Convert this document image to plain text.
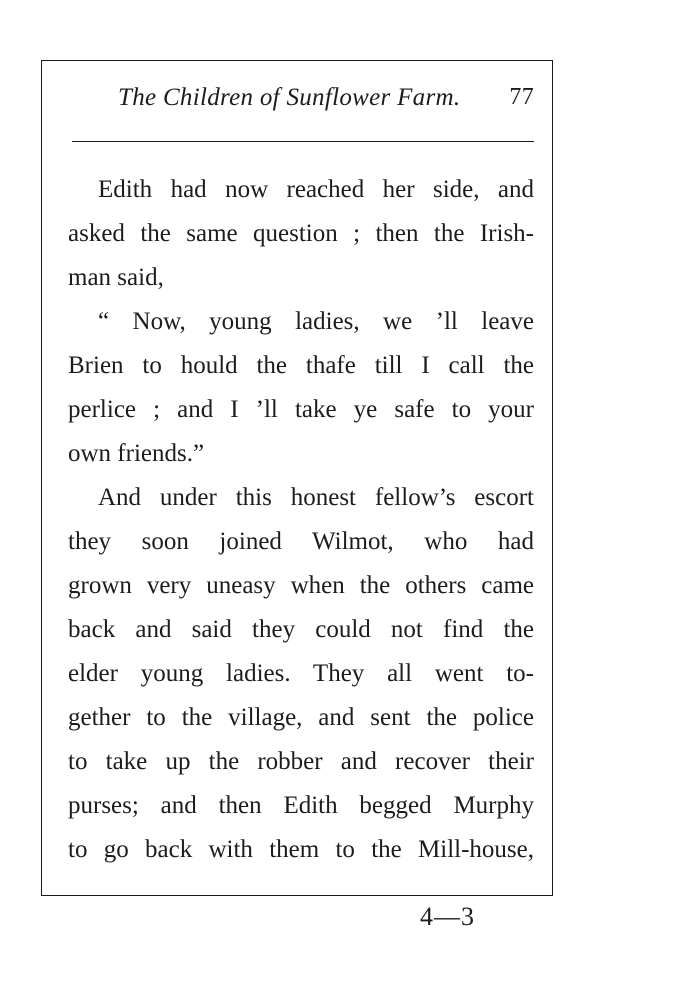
The Children of Sunflower Farm. 77
Edith had now reached her side, and
asked the same question ; then the Irish-
man said,
“ Now, young ladies, we ’ll leave
Brien to hould the thafe till I call the
perlice ; and I ’ll take ye safe to your
own friends.”
And under this honest fellow’s escort
they soon joined Wilmot, who had
grown very uneasy when the others came
back and said they could not find the
elder young ladies. They all went to-
gether to the village, and sent the police
to take up the robber and recover their
purses; and then Edith begged Murphy
to go back with them to the Mill-house,
4—3
